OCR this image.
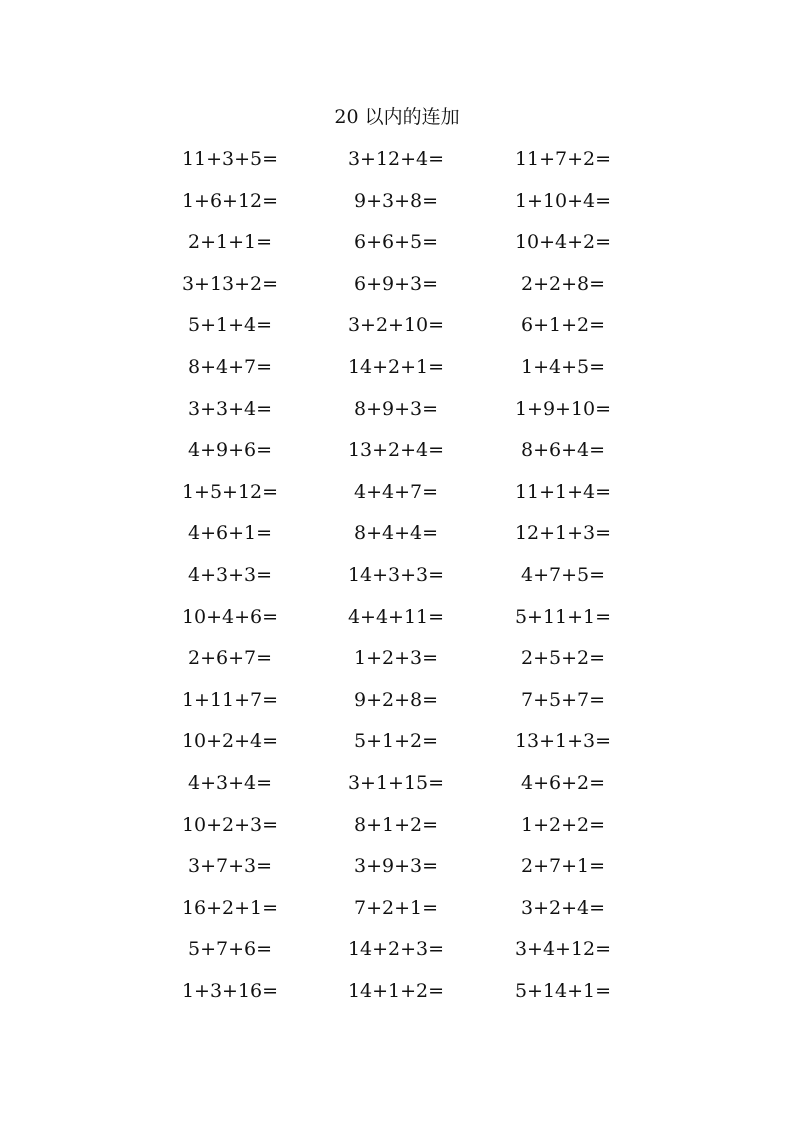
20 以内的连加
11+3+5=	3+12+4=	11+7+2=
1+6+12=	9+3+8=	1+10+4=
2+1+1=	6+6+5=	10+4+2=
3+13+2=	6+9+3=	2+2+8=
5+1+4=	3+2+10=	6+1+2=
8+4+7=	14+2+1=	1+4+5=
3+3+4=	8+9+3=	1+9+10=
4+9+6=	13+2+4=	8+6+4=
1+5+12=	4+4+7=	11+1+4=
4+6+1=	8+4+4=	12+1+3=
4+3+3=	14+3+3=	4+7+5=
10+4+6=	4+4+11=	5+11+1=
2+6+7=	1+2+3=	2+5+2=
1+11+7=	9+2+8=	7+5+7=
10+2+4=	5+1+2=	13+1+3=
4+3+4=	3+1+15=	4+6+2=
10+2+3=	8+1+2=	1+2+2=
3+7+3=	3+9+3=	2+7+1=
16+2+1=	7+2+1=	3+2+4=
5+7+6=	14+2+3=	3+4+12=
1+3+16=	14+1+2=	5+14+1=
